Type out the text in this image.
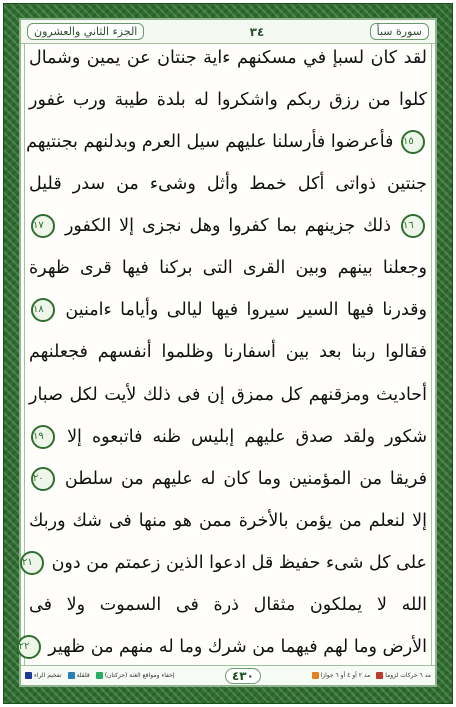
الجزء الثاني والعشرون	٣٤	سورة سبأ
لقد كان لسبإ في مسكنهم ءاية جنتان عن يمين وشمال
كلوا من رزق ربكم واشكروا له بلدة طيبة ورب غفور
١٥ فأعرضوا فأرسلنا عليهم سيل العرم وبدلنهم بجنتيهم
جنتين ذواتى أكل خمط وأثل وشىء من سدر قليل
١٦ ذلك جزينهم بما كفروا وهل نجزى إلا الكفور ١٧
وجعلنا بينهم وبين القرى التى بركنا فيها قرى ظهرة
وقدرنا فيها السير سيروا فيها ليالى وأياما ءامنين ١٨
فقالوا ربنا بعد بين أسفارنا وظلموا أنفسهم فجعلنهم
أحاديث ومزقنهم كل ممزق إن فى ذلك لأيت لكل صبار
شكور ولقد صدق عليهم إبليس ظنه فاتبعوه إلا ١٩
فريقا من المؤمنين وما كان له عليهم من سلطن ٢٠
إلا لنعلم من يؤمن بالأخرة ممن هو منها فى شك وربك
على كل شىء حفيظ قل ادعوا الذين زعمتم من دون ٢١
الله لا يملكون مثقال ذرة فى السموت ولا فى
الأرض وما لهم فيهما من شرك وما له منهم من ظهير ٢٢
تفخيم الراء	قلقلة	إخفاء ومواقع الغنة (حركتان)	٤٣٠	مد ٢ أو ٤ أو ٦ جوازا	مد ٦ حركات لزوما
